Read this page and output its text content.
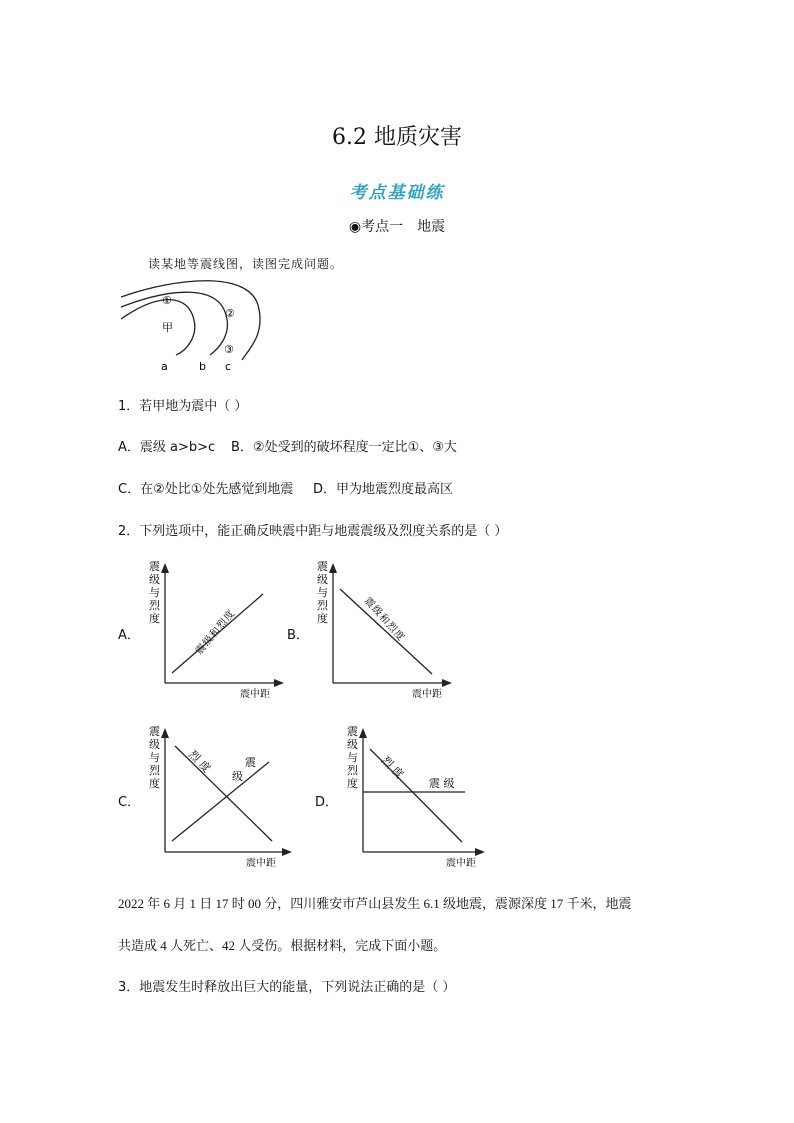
6.2 地质灾害
考点基础练
◉考点一 地震
读某地等震线图，读图完成问题。
①
②
③
甲
a	b c
1．若甲地为震中（ ）
A．震级 a>b>c B．②处受到的破坏程度一定比①、③大
C．在②处比①处先感觉到地震 D．甲为地震烈度最高区
2．下列选项中，能正确反映震中距与地震震级及烈度关系的是（ ）
A．
震
级
与
烈
度	震级和烈度
震中距
B．
震
级
与
烈
度	震级和烈度
震中距
C．
震
级
与
烈
度
烈 度	震
级
震中距
D．
震
级
与
烈
度
烈 度
震 级
震中距
2022 年 6 月 1 日 17 时 00 分，四川雅安市芦山县发生 6.1 级地震，震源深度 17 千米，地震
共造成 4 人死亡、42 人受伤。根据材料，完成下面小题。
3．地震发生时释放出巨大的能量，下列说法正确的是（ ）
